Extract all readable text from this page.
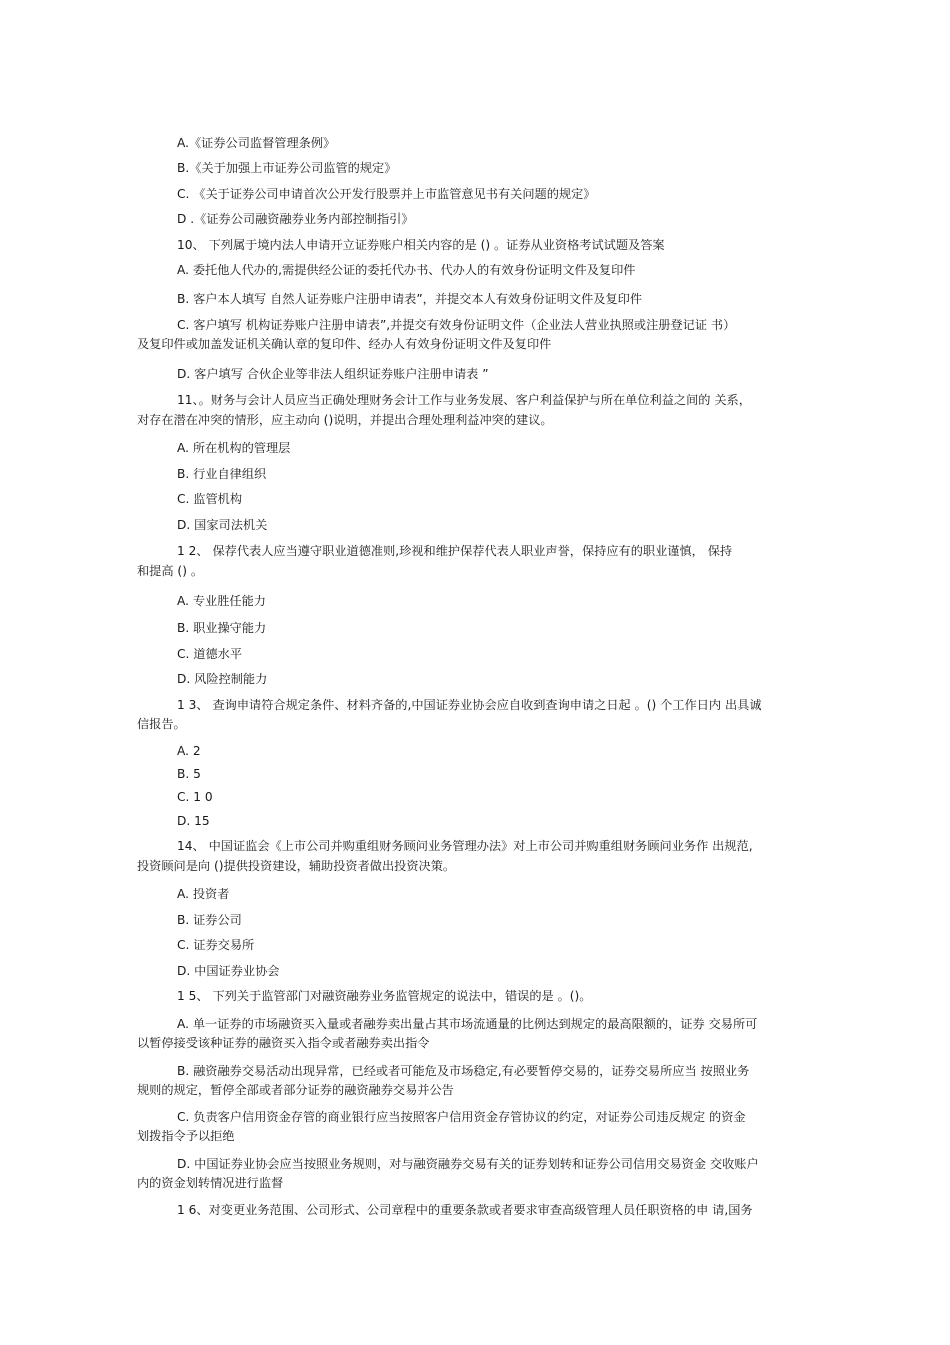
A.《证券公司监督管理条例》
B.《关于加强上市证券公司监管的规定》
C. 《关于证券公司申请首次公开发行股票并上市监管意见书有关问题的规定》
D .《证券公司融资融券业务内部控制指引》
10、 下列属于境内法人申请开立证券账户相关内容的是 () 。证券从业资格考试试题及答案
A. 委托他人代办的,需提供经公证的委托代办书、代办人的有效身份证明文件及复印件
B. 客户本人填写 自然人证券账户注册申请表”，并提交本人有效身份证明文件及复印件
C. 客户填写 机构证券账户注册申请表”,并提交有效身份证明文件（企业法人营业执照或注册登记证 书）
及复印件或加盖发证机关确认章的复印件、经办人有效身份证明文件及复印件
D. 客户填写 合伙企业等非法人组织证券账户注册申请表 ”
11、。财务与会计人员应当正确处理财务会计工作与业务发展、客户利益保护与所在单位利益之间的 关系，
对存在潜在冲突的情形，应主动向 ()说明，并提出合理处理利益冲突的建议。
A. 所在机构的管理层
B. 行业自律组织
C. 监管机构
D. 国家司法机关
1 2、 保荐代表人应当遵守职业道德准则,珍视和维护保荐代表人职业声誉，保持应有的职业谨慎， 保持
和提高 () 。
A. 专业胜任能力
B. 职业操守能力
C. 道德水平
D. 风险控制能力
1 3、 查询申请符合规定条件、材料齐备的,中国证券业协会应自收到查询申请之日起 。() 个工作日内 出具诚
信报告。
A. 2
B. 5
C. 1 0
D. 15
14、 中国证监会《上市公司并购重组财务顾问业务管理办法》对上市公司并购重组财务顾问业务作 出规范,
投资顾问是向 ()提供投资建设，辅助投资者做出投资决策。
A. 投资者
B. 证券公司
C. 证券交易所
D. 中国证券业协会
1 5、 下列关于监管部门对融资融券业务监管规定的说法中，错误的是 。()。
A. 单一证券的市场融资买入量或者融券卖出量占其市场流通量的比例达到规定的最高限额的，证券 交易所可
以暂停接受该种证券的融资买入指令或者融券卖出指令
B. 融资融券交易活动出现异常，已经或者可能危及市场稳定,有必要暂停交易的，证券交易所应当 按照业务
规则的规定，暂停全部或者部分证券的融资融券交易并公告
C. 负责客户信用资金存管的商业银行应当按照客户信用资金存管协议的约定，对证券公司违反规定 的资金
划拨指令予以拒绝
D. 中国证券业协会应当按照业务规则，对与融资融券交易有关的证券划转和证券公司信用交易资金 交收账户
内的资金划转情况进行监督
1 6、对变更业务范围、公司形式、公司章程中的重要条款或者要求审查高级管理人员任职资格的申 请,国务
